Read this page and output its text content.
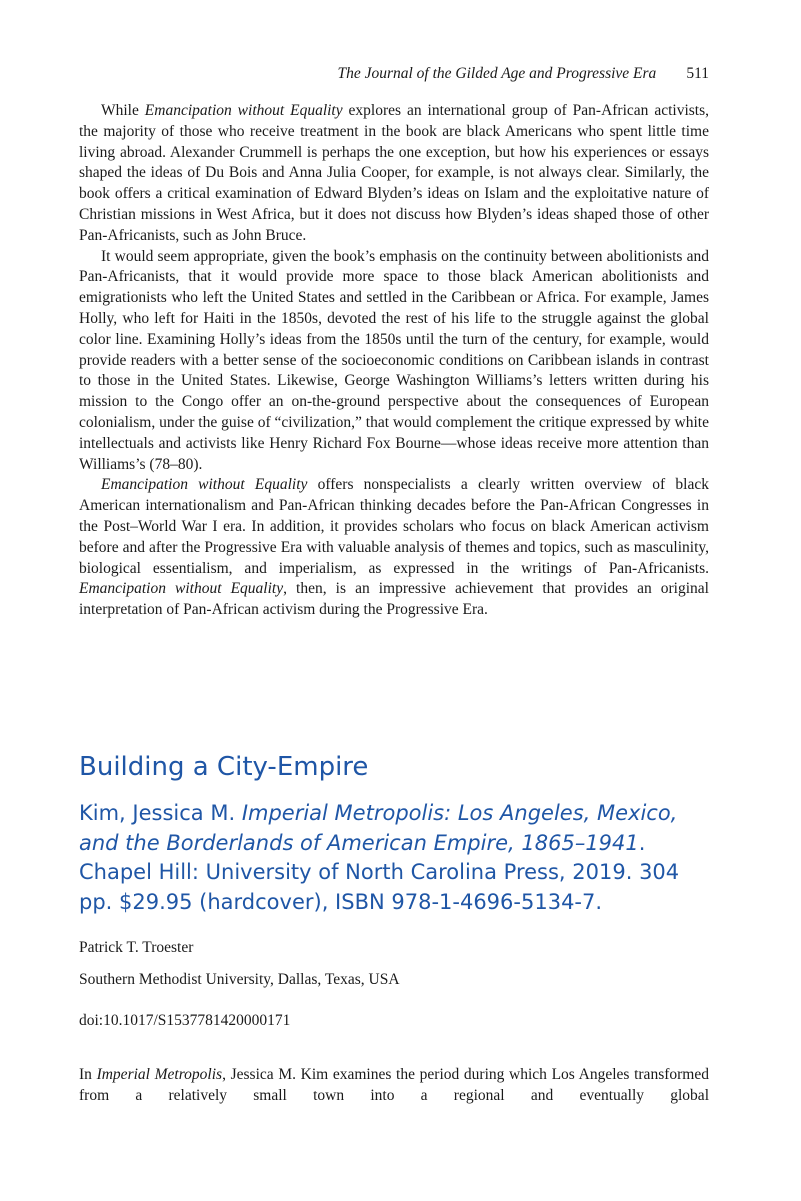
The Journal of the Gilded Age and Progressive Era 511

While Emancipation without Equality explores an international group of Pan-African activists, the majority of those who receive treatment in the book are black Americans who spent little time living abroad. Alexander Crummell is perhaps the one exception, but how his experiences or essays shaped the ideas of Du Bois and Anna Julia Cooper, for example, is not always clear. Similarly, the book offers a critical examination of Edward Blyden’s ideas on Islam and the exploitative nature of Christian missions in West Africa, but it does not discuss how Blyden’s ideas shaped those of other Pan-Africanists, such as John Bruce.

It would seem appropriate, given the book’s emphasis on the continuity between abolitionists and Pan-Africanists, that it would provide more space to those black American abolitionists and emigrationists who left the United States and settled in the Caribbean or Africa. For example, James Holly, who left for Haiti in the 1850s, devoted the rest of his life to the struggle against the global color line. Examining Holly’s ideas from the 1850s until the turn of the century, for example, would provide readers with a better sense of the socioeconomic conditions on Caribbean islands in contrast to those in the United States. Likewise, George Washington Williams’s letters written during his mission to the Congo offer an on-the-ground perspective about the consequences of European colonialism, under the guise of “civilization,” that would complement the critique expressed by white intellectuals and activists like Henry Richard Fox Bourne—whose ideas receive more attention than Williams’s (78–80).

Emancipation without Equality offers nonspecialists a clearly written overview of black American internationalism and Pan-African thinking decades before the Pan-African Congresses in the Post–World War I era. In addition, it provides scholars who focus on black American activism before and after the Progressive Era with valuable analysis of themes and topics, such as masculinity, biological essentialism, and imperialism, as expressed in the writings of Pan-Africanists. Emancipation without Equality, then, is an impressive achievement that provides an original interpretation of Pan-African activism during the Progressive Era.

Building a City-Empire
Kim, Jessica M. Imperial Metropolis: Los Angeles, Mexico, and the Borderlands of American Empire, 1865–1941. Chapel Hill: University of North Carolina Press, 2019. 304 pp. $29.95 (hardcover), ISBN 978-1-4696-5134-7.

Patrick T. Troester

Southern Methodist University, Dallas, Texas, USA

doi:10.1017/S1537781420000171

In Imperial Metropolis, Jessica M. Kim examines the period during which Los Angeles transformed from a relatively small town into a regional and eventually global
